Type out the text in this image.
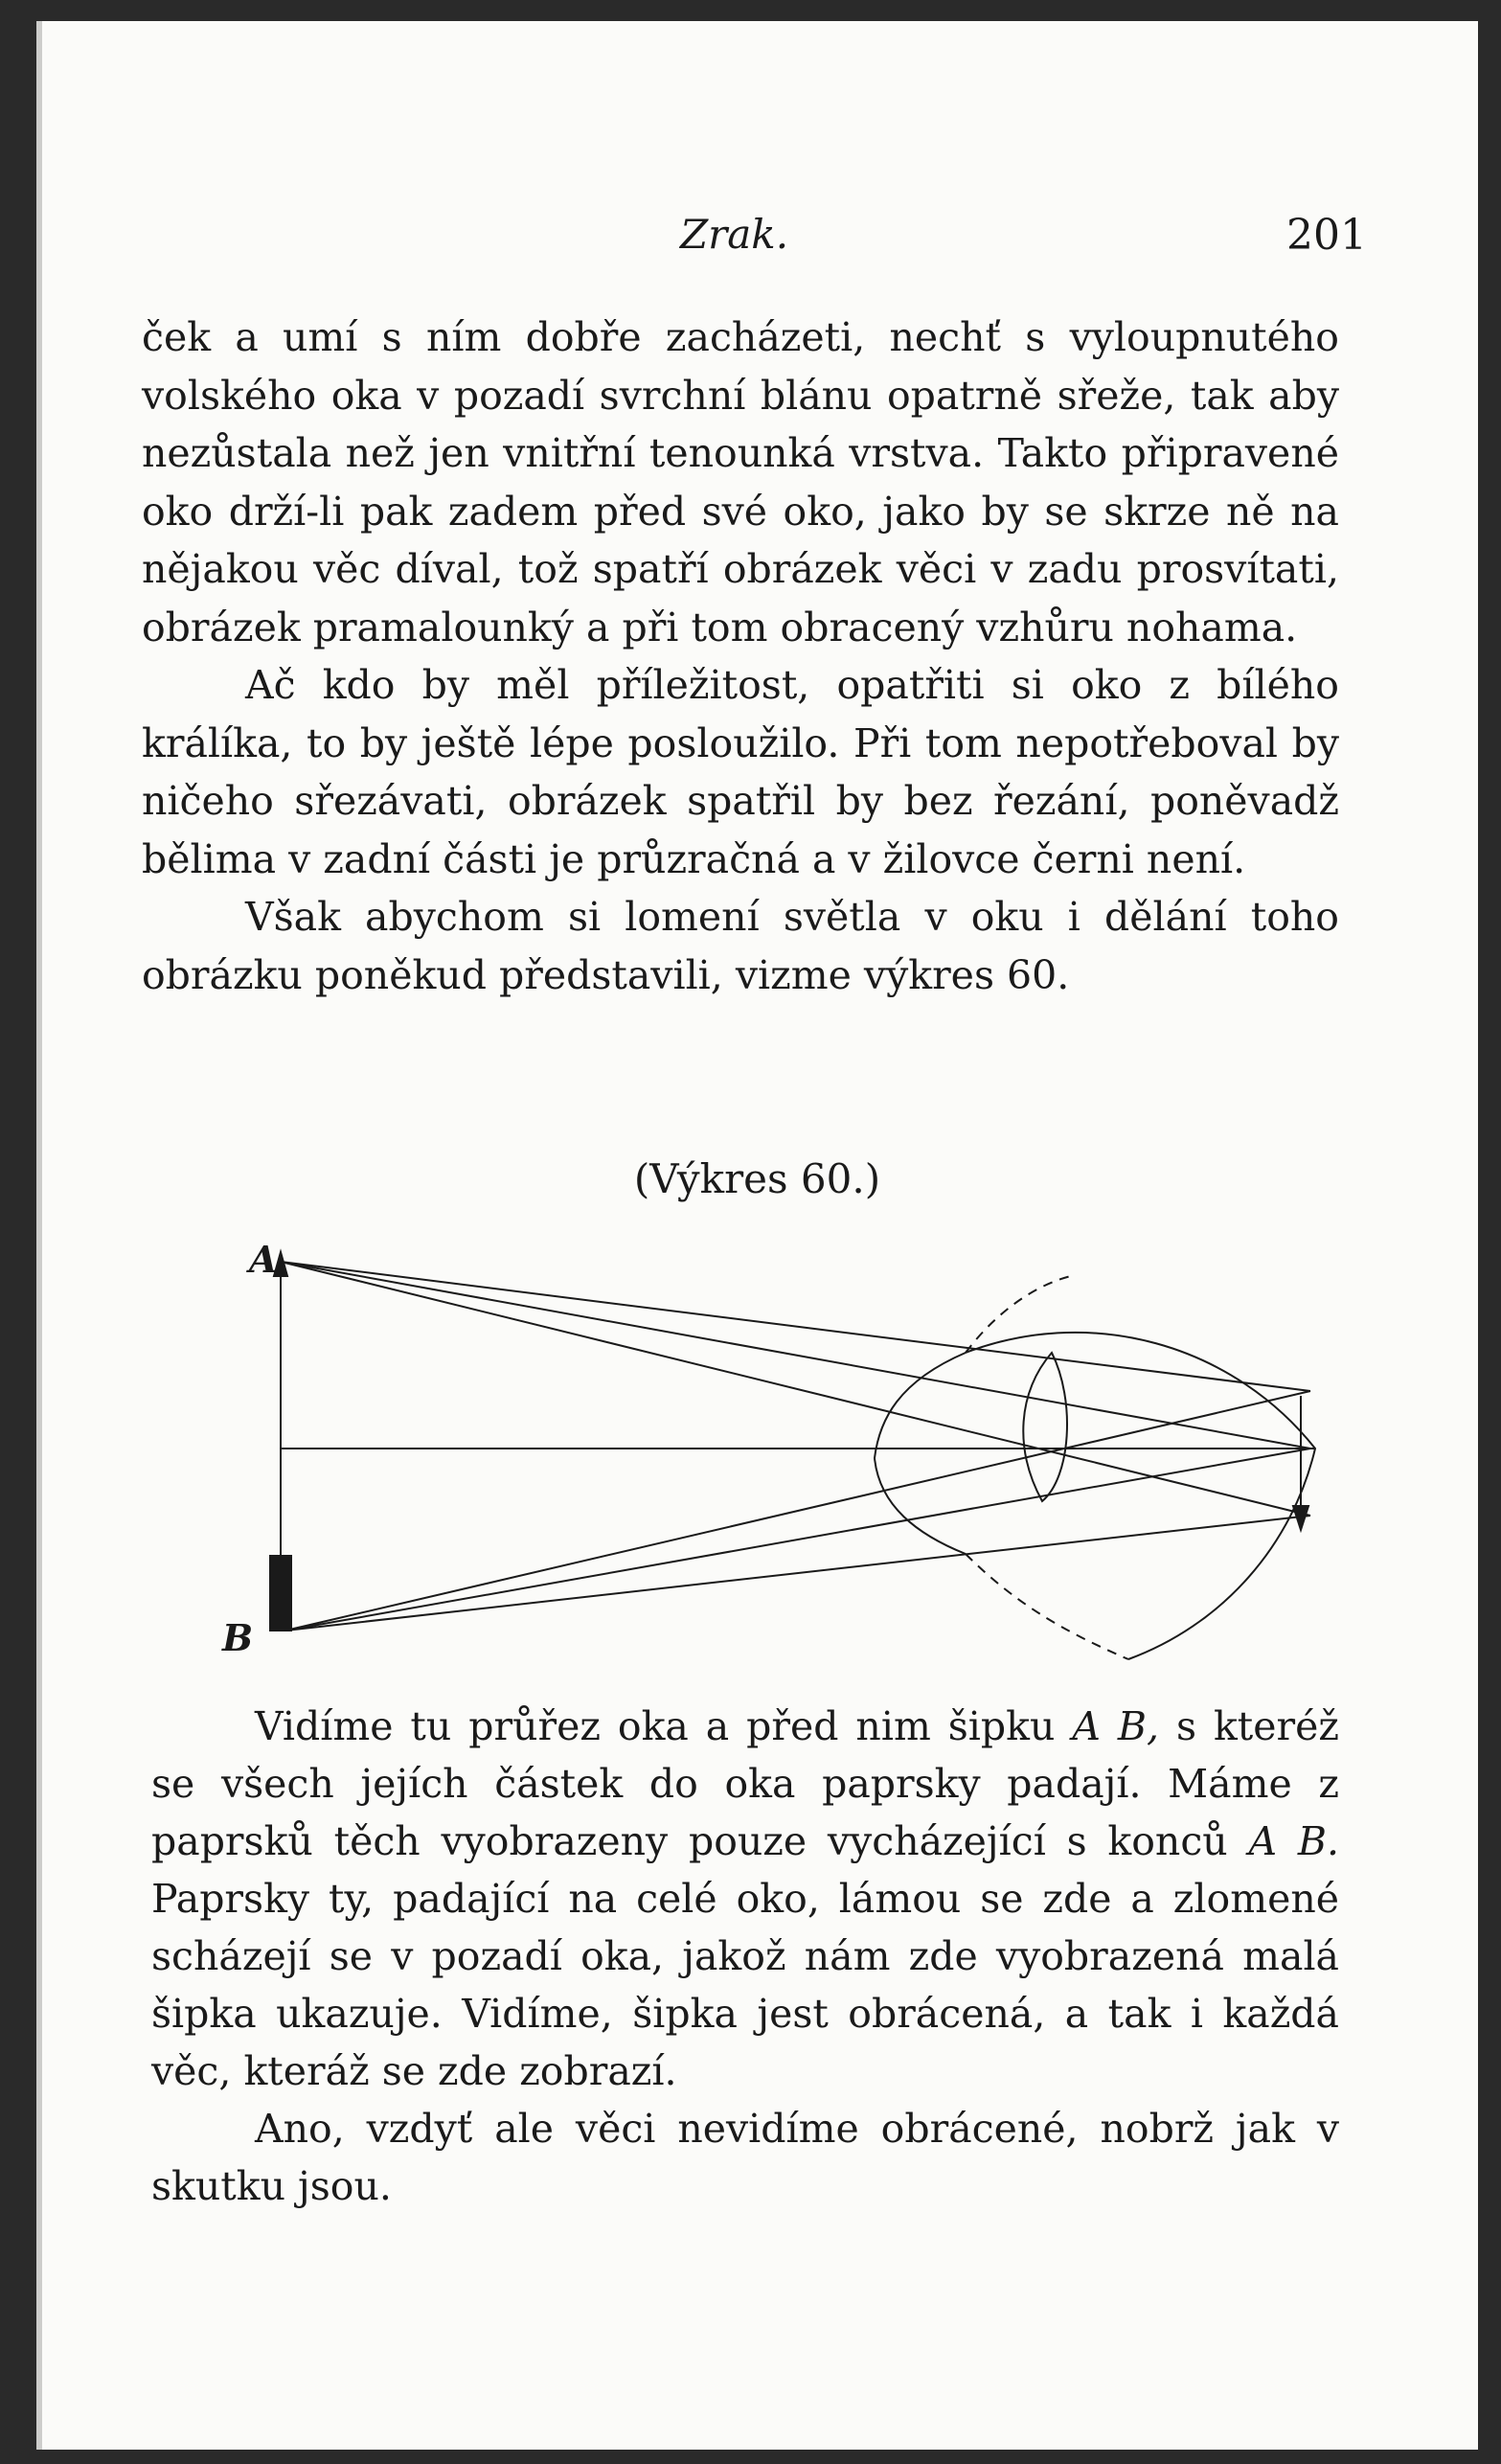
Zrak.	201

ček a umí s ním dobře zacházeti, nechť s vyloupnutého volského oka v pozadí svrchní blánu opatrně sřeže, tak aby nezůstala než jen vnitřní tenounká vrstva. Takto připravené oko drží-li pak zadem před své oko, jako by se skrze ně na nějakou věc díval, tož spatří obrázek věci v zadu prosvítati, obrázek pramalounký a při tom obracený vzhůru nohama.

Ač kdo by měl příležitost, opatřiti si oko z bílého králíka, to by ještě lépe posloužilo. Při tom nepotřeboval by ničeho sřezávati, obrázek spatřil by bez řezání, poněvadž bělima v zadní části je průzračná a v žilovce černi není.

Však abychom si lomení světla v oku i dělání toho obrázku poněkud představili, vizme výkres 60.

(Výkres 60.)
A
B

Vidíme tu průřez oka a před nim šipku A B, s kteréž se všech jejích částek do oka paprsky padají. Máme z paprsků těch vyobrazeny pouze vycházející s konců A B. Paprsky ty, padající na celé oko, lámou se zde a zlomené scházejí se v pozadí oka, jakož nám zde vyobrazená malá šipka ukazuje. Vidíme, šipka jest obrácená, a tak i každá věc, kteráž se zde zobrazí.

Ano, vzdyť ale věci nevidíme obrácené, nobrž jak v skutku jsou.
